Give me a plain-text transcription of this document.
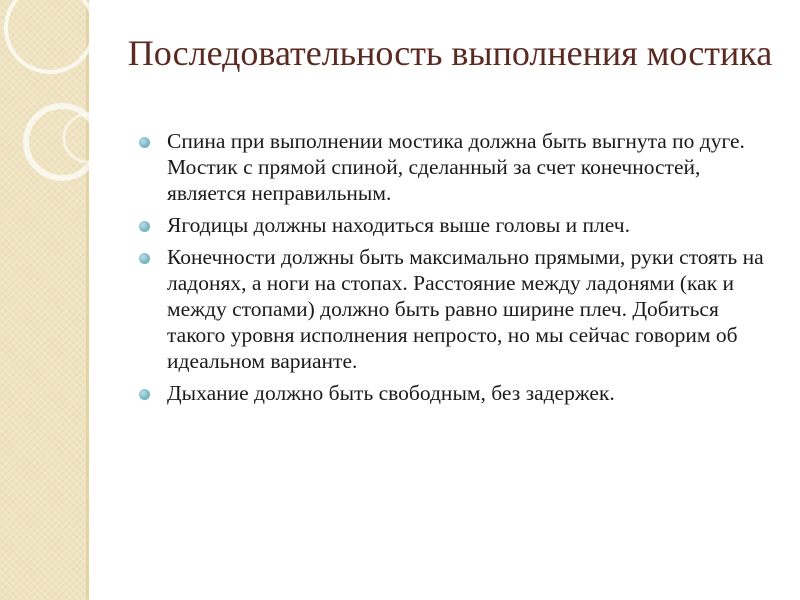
Последовательность выполнения мостика
Спина при выполнении мостика должна быть выгнута по дуге. Мостик с прямой спиной, сделанный за счет конечностей, является неправильным.
Ягодицы должны находиться выше головы и плеч.
Конечности должны быть максимально прямыми, руки стоять на ладонях, а ноги на стопах. Расстояние между ладонями (как и между стопами) должно быть равно ширине плеч. Добиться такого уровня исполнения непросто, но мы сейчас говорим об идеальном варианте.
Дыхание должно быть свободным, без задержек.
